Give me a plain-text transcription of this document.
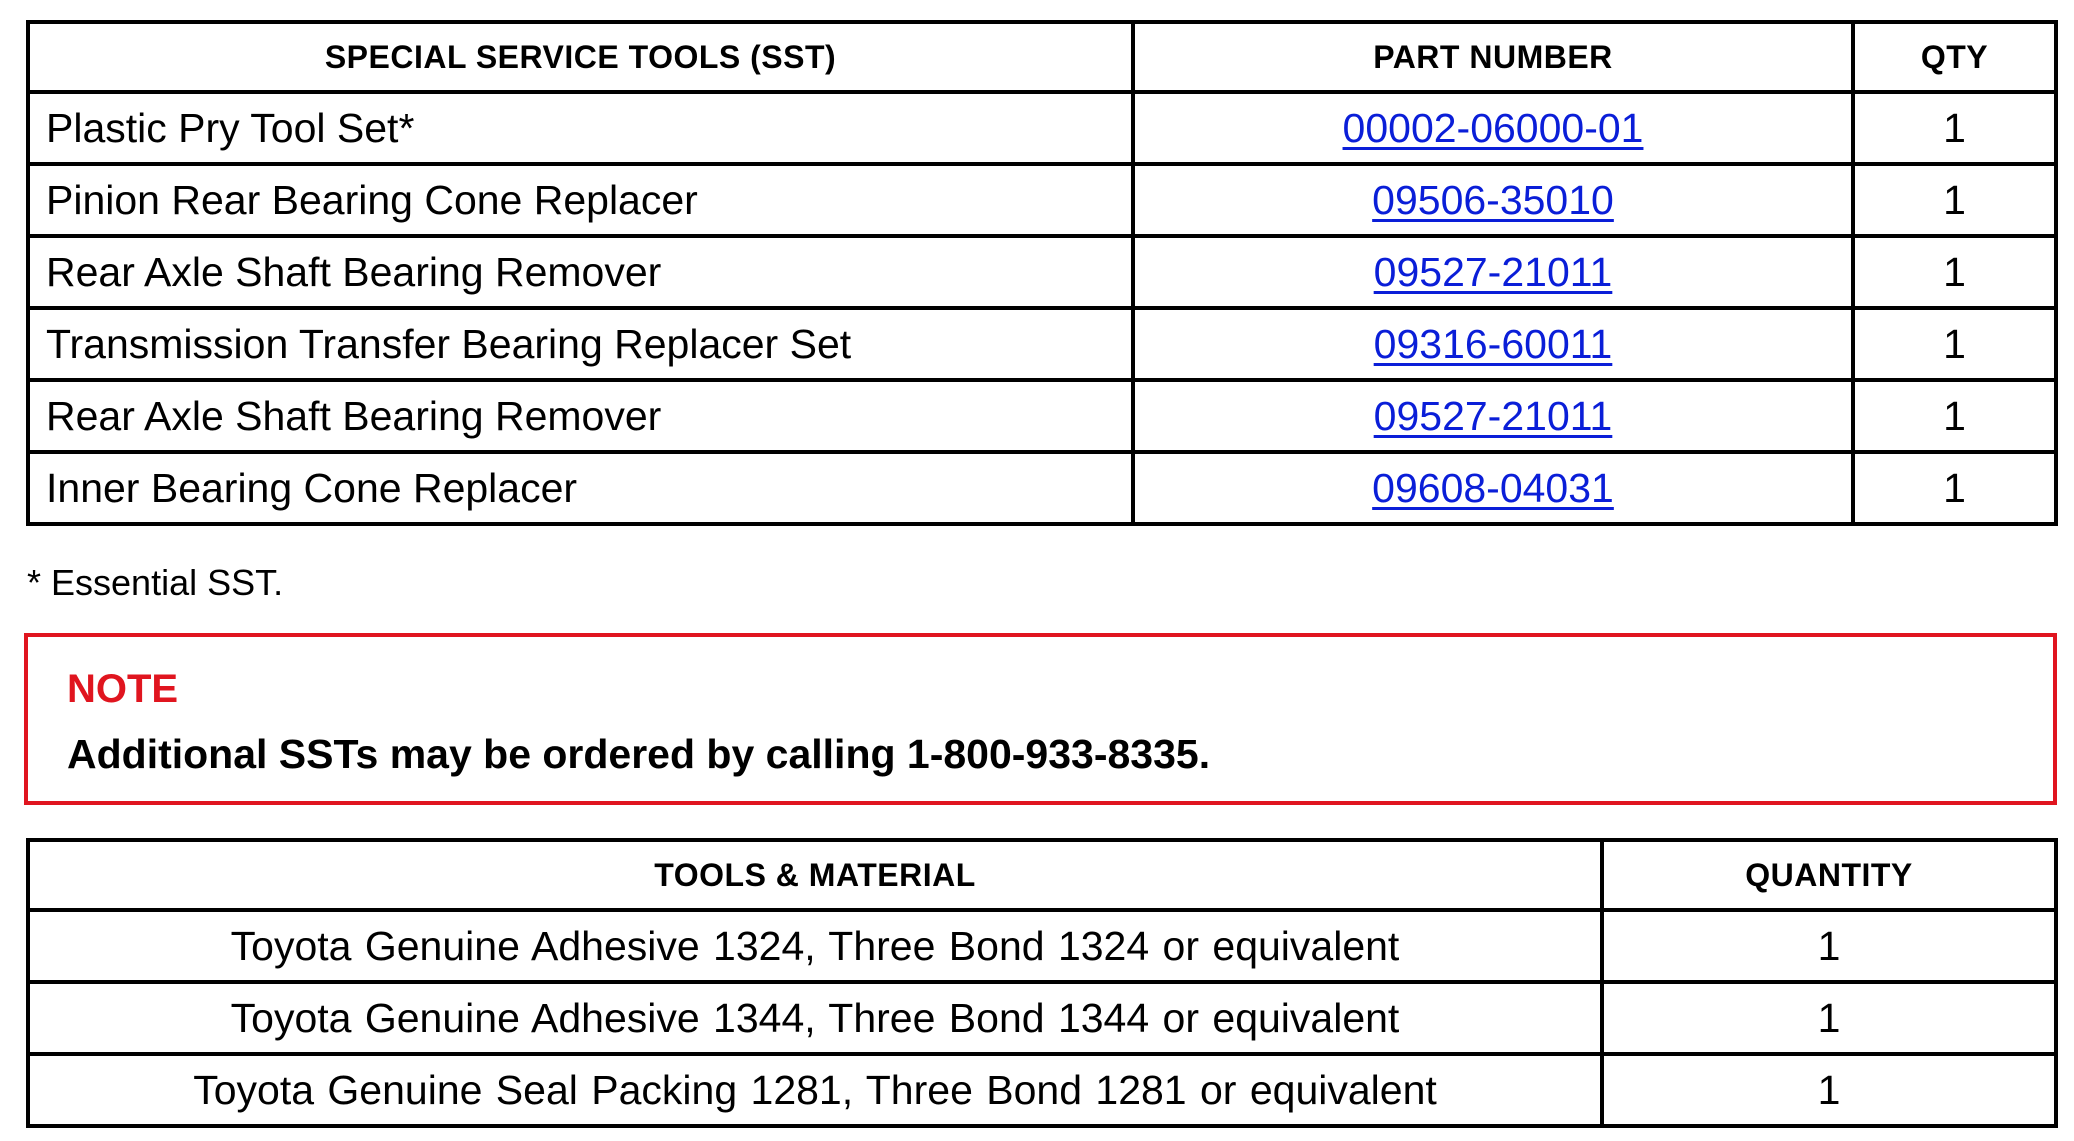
SPECIAL SERVICE TOOLS (SST)	PART NUMBER	QTY
Plastic Pry Tool Set*	00002-06000-01	1
Pinion Rear Bearing Cone Replacer	09506-35010	1
Rear Axle Shaft Bearing Remover	09527-21011	1
Transmission Transfer Bearing Replacer Set	09316-60011	1
Rear Axle Shaft Bearing Remover	09527-21011	1
Inner Bearing Cone Replacer	09608-04031	1
* Essential SST.
NOTE
Additional SSTs may be ordered by calling 1-800-933-8335.
TOOLS & MATERIAL	QUANTITY
Toyota Genuine Adhesive 1324, Three Bond 1324 or equivalent	1
Toyota Genuine Adhesive 1344, Three Bond 1344 or equivalent	1
Toyota Genuine Seal Packing 1281, Three Bond 1281 or equivalent	1
